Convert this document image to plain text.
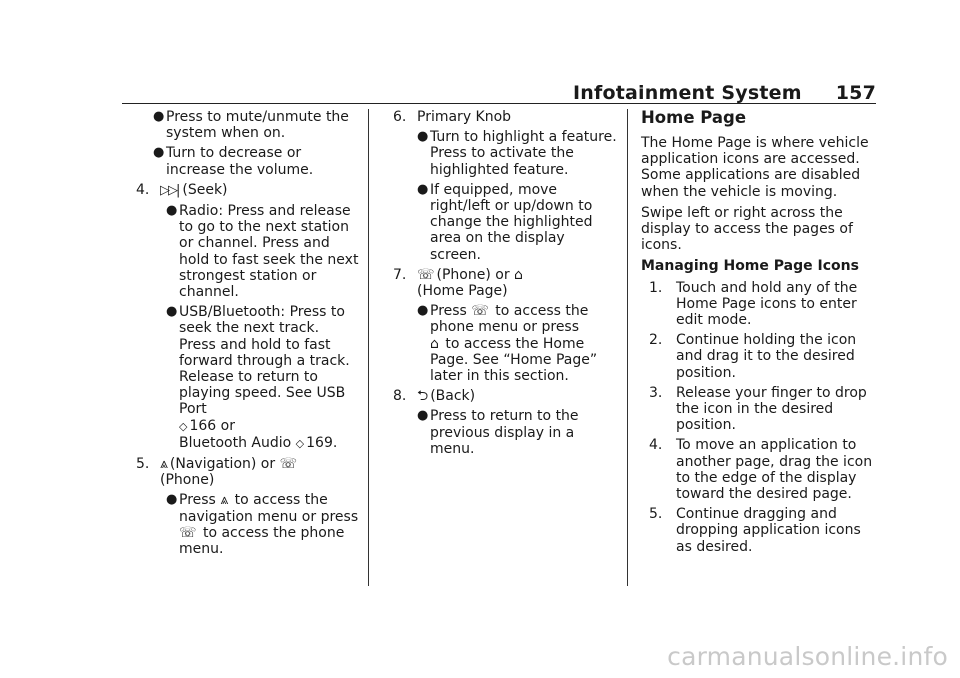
Infotainment System 157
● Press to mute/unmute the system when on.
● Turn to decrease or increase the volume.
4. ▷▷| (Seek)
● Radio: Press and release to go to the next station or channel. Press and hold to fast seek the next strongest station or channel.
● USB/Bluetooth: Press to seek the next track. Press and hold to fast forward through a track. Release to return to playing speed. See USB Port
◇ 166 or
Bluetooth Audio ◇ 169.
5. ⩓ (Navigation) or ☏
(Phone)
● Press ⩓ to access the navigation menu or press ☏ to access the phone menu.
6. Primary Knob
● Turn to highlight a feature. Press to activate the highlighted feature.
● If equipped, move right/left or up/down to change the highlighted area on the display screen.
7. ☏ (Phone) or ⌂
(Home Page)
● Press ☏ to access the phone menu or press
⌂ to access the Home Page. See “Home Page” later in this section.
8. ⮌ (Back)
● Press to return to the previous display in a menu.
Home Page
The Home Page is where vehicle application icons are accessed. Some applications are disabled when the vehicle is moving.
Swipe left or right across the display to access the pages of icons.
Managing Home Page Icons
1. Touch and hold any of the Home Page icons to enter edit mode.
2. Continue holding the icon and drag it to the desired position.
3. Release your finger to drop the icon in the desired position.
4. To move an application to another page, drag the icon to the edge of the display toward the desired page.
5. Continue dragging and dropping application icons as desired.
carmanualsonline.info
